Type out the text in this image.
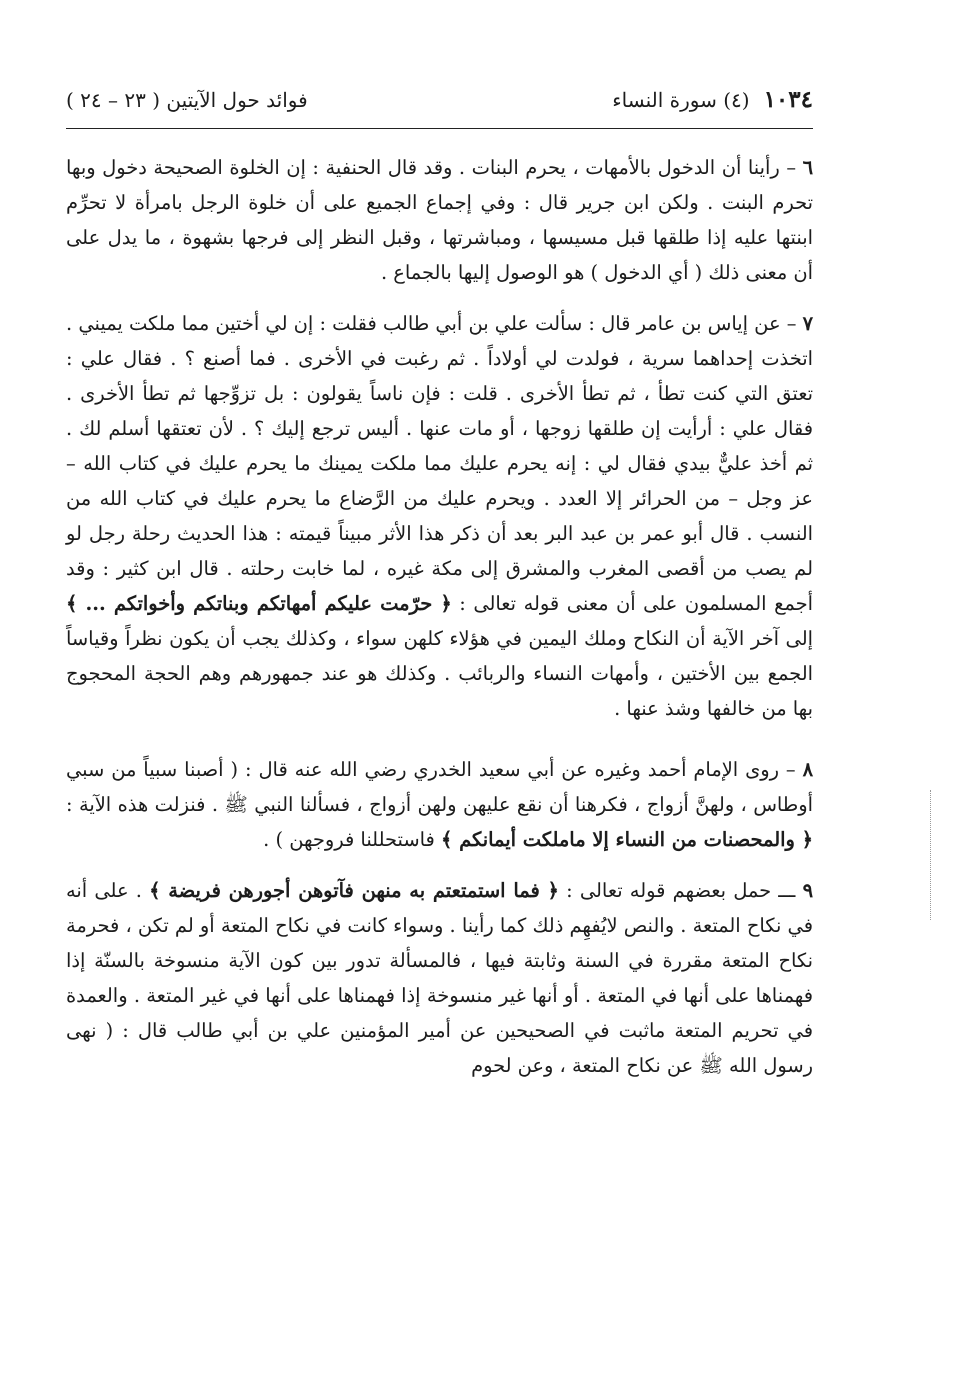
١٠٣٤
(٤) سورة النساء
فوائد حول الآيتين ( ٢٣ – ٢٤ )

٦ – رأينا أن الدخول بالأمهات ، يحرم البنات . وقد قال الحنفية : إن الخلوة الصحيحة دخول وبها تحرم البنت . ولكن ابن جرير قال : وفي إجماع الجميع على أن خلوة الرجل بامرأة لا تحرِّم ابنتها عليه إذا طلقها قبل مسيسها ، ومباشرتها ، وقبل النظر إلى فرجها بشهوة ، ما يدل على أن معنى ذلك ( أي الدخول ) هو الوصول إليها بالجماع .

٧ – عن إياس بن عامر قال : سألت علي بن أبي طالب فقلت : إن لي أختين مما ملكت يميني . اتخذت إحداهما سرية ، فولدت لي أولاداً . ثم رغبت في الأخرى . فما أصنع ؟ . فقال علي : تعتق التي كنت تطأ ، ثم تطأ الأخرى . قلت : فإن ناساً يقولون : بل تزوِّجها ثم تطأ الأخرى . فقال علي : أرأيت إن طلقها زوجها ، أو مات عنها . أليس ترجع إليك ؟ . لأن تعتقها أسلم لك . ثم أخذ عليٌّ بيدي فقال لي : إنه يحرم عليك مما ملكت يمينك ما يحرم عليك في كتاب الله – عز وجل – من الحرائر إلا العدد . ويحرم عليك من الرَّضاع ما يحرم عليك في كتاب الله من النسب . قال أبو عمر بن عبد البر بعد أن ذكر هذا الأثر مبيناً قيمته : هذا الحديث رحلة رجل لو لم يصب من أقصى المغرب والمشرق إلى مكة غيره ، لما خابت رحلته . قال ابن كثير : وقد أجمع المسلمون على أن معنى قوله تعالى : ﴿ حرّمت عليكم أمهاتكم وبناتكم وأخواتكم ... ﴾ إلى آخر الآية أن النكاح وملك اليمين في هؤلاء كلهن سواء ، وكذلك يجب أن يكون نظراً وقياساً الجمع بين الأختين ، وأمهات النساء والربائب . وكذلك هو عند جمهورهم وهم الحجة المحجوج بها من خالفها وشذ عنها .

٨ – روى الإمام أحمد وغيره عن أبي سعيد الخدري رضي الله عنه قال : ( أصبنا سبياً من سبي أوطاس ، ولهنَّ أزواج ، فكرهنا أن نقع عليهن ولهن أزواج ، فسألنا النبي ﷺ . فنزلت هذه الآية : ﴿ والمحصنات من النساء إلا ماملكت أيمانكم ﴾ فاستحللنا فروجهن ) .

٩ ـــ حمل بعضهم قوله تعالى : ﴿ فما استمتعتم به منهن فآتوهن أجورهن فريضة ﴾ . على أنه في نكاح المتعة . والنص لايُفهِم ذلك كما رأينا . وسواء كانت في نكاح المتعة أو لم تكن ، فحرمة نكاح المتعة مقررة في السنة وثابتة فيها ، فالمسألة تدور بين كون الآية منسوخة بالسنّة إذا فهمناها على أنها في المتعة . أو أنها غير منسوخة إذا فهمناها على أنها في غير المتعة . والعمدة في تحريم المتعة ماثبت في الصحيحين عن أمير المؤمنين علي بن أبي طالب قال : ( نهى رسول الله ﷺ عن نكاح المتعة ، وعن لحوم
